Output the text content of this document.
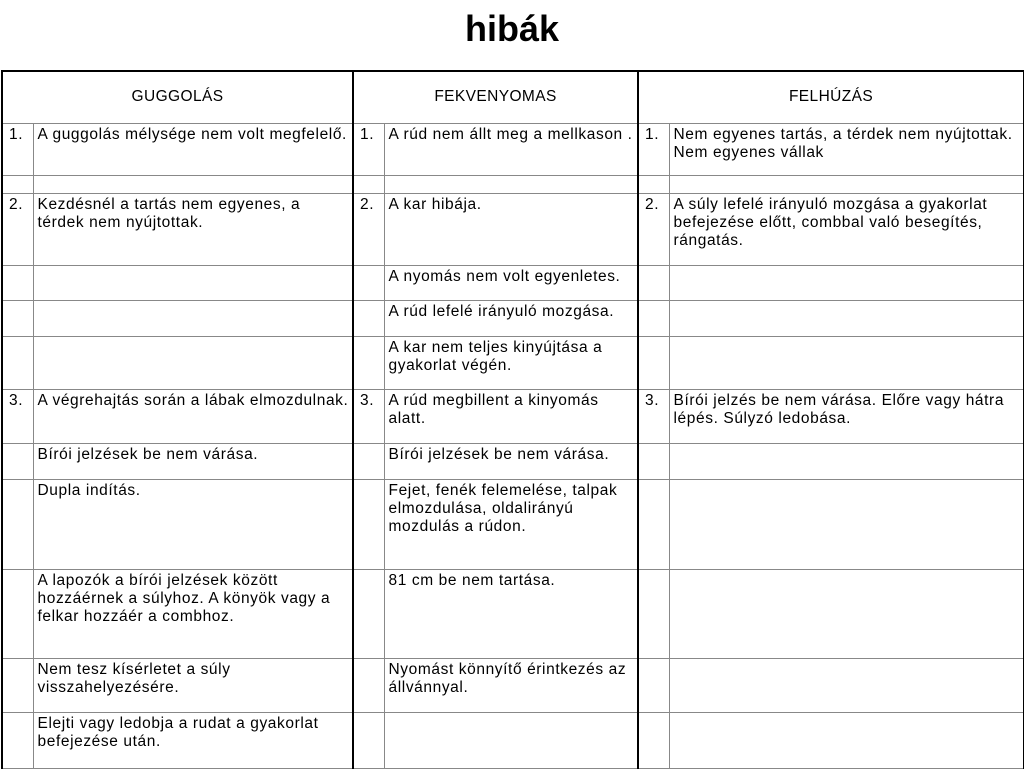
hibák
GUGGOLÁS		FEKVENYOMAS		FELHÚZÁS	
1.	A guggolás mélysége nem volt megfelelő.	1.	A rúd nem állt meg a mellkason .	1.	Nem egyenes tartás, a térdek nem nyújtottak. Nem egyenes vállak

2.	Kezdésnél a tartás nem egyenes, a térdek nem nyújtottak.	2.	A kar hibája.	2.	A súly lefelé irányuló mozgása a gyakorlat befejezése előtt, combbal való besegítés, rángatás.
			A nyomás nem volt egyenletes.		
			A rúd lefelé irányuló mozgása.		
			A kar nem teljes kinyújtása a gyakorlat végén.		
3.	A végrehajtás során a lábak elmozdulnak.	3.	A rúd megbillent a kinyomás alatt.	3.	Bírói jelzés be nem várása. Előre vagy hátra lépés. Súlyzó ledobása.
	Bírói jelzések be nem várása.		Bírói jelzések be nem várása.		
	Dupla indítás.		Fejet, fenék felemelése, talpak elmozdulása, oldalirányú mozdulás a rúdon.		
	A lapozók a bírói jelzések között hozzáérnek a súlyhoz. A könyök vagy a felkar hozzáér a combhoz.		81 cm be nem tartása.		
	Nem tesz kísérletet a súly visszahelyezésére.		Nyomást könnyítő érintkezés az állvánnyal.		
	Elejti vagy ledobja a rudat a gyakorlat befejezése után.				
